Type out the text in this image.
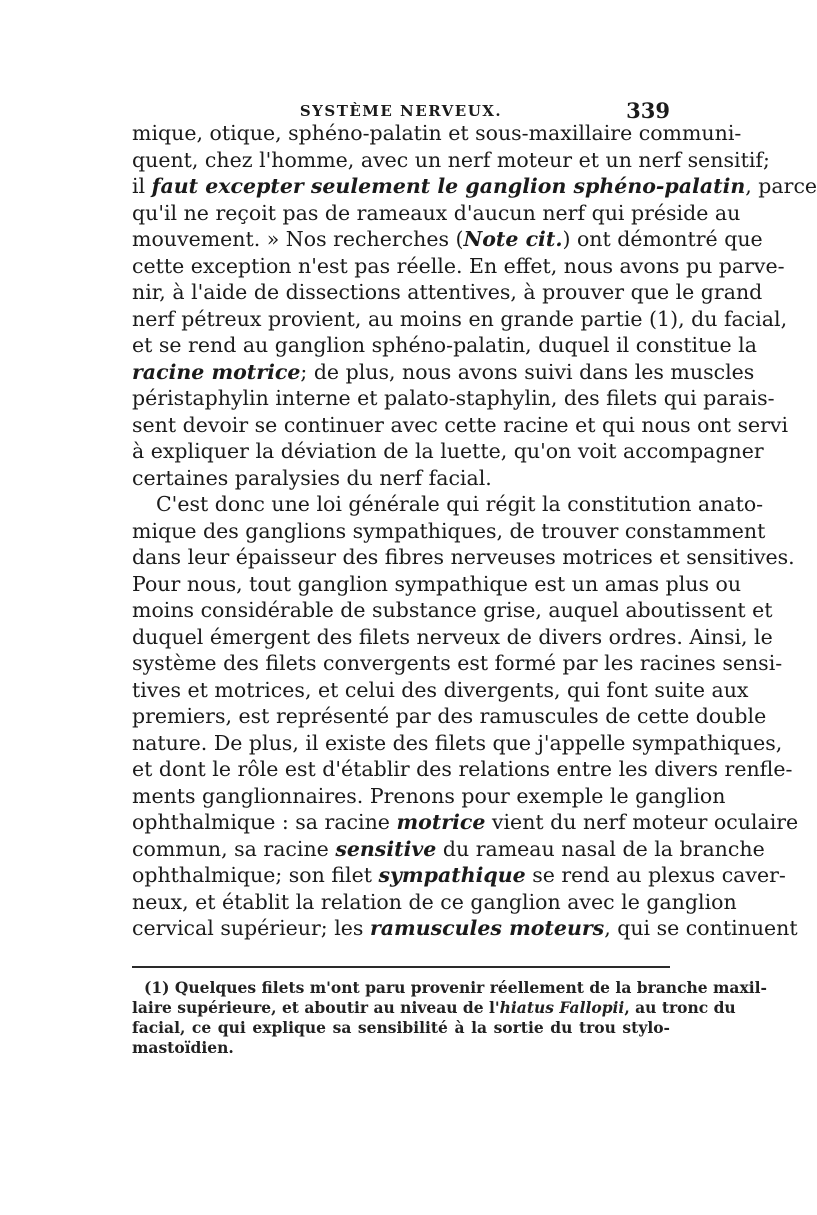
SYSTÈME NERVEUX.	339
mique, otique, sphéno-palatin et sous-maxillaire communi-
quent, chez l'homme, avec un nerf moteur et un nerf sensitif;
il faut excepter seulement le ganglion sphéno-palatin, parce
qu'il ne reçoit pas de rameaux d'aucun nerf qui préside au
mouvement. » Nos recherches (Note cit.) ont démontré que
cette exception n'est pas réelle. En effet, nous avons pu parve-
nir, à l'aide de dissections attentives, à prouver que le grand
nerf pétreux provient, au moins en grande partie (1), du facial,
et se rend au ganglion sphéno-palatin, duquel il constitue la
racine motrice; de plus, nous avons suivi dans les muscles
péristaphylin interne et palato-staphylin, des filets qui parais-
sent devoir se continuer avec cette racine et qui nous ont servi
à expliquer la déviation de la luette, qu'on voit accompagner
certaines paralysies du nerf facial.
C'est donc une loi générale qui régit la constitution anato-
mique des ganglions sympathiques, de trouver constamment
dans leur épaisseur des fibres nerveuses motrices et sensitives.
Pour nous, tout ganglion sympathique est un amas plus ou
moins considérable de substance grise, auquel aboutissent et
duquel émergent des filets nerveux de divers ordres. Ainsi, le
système des filets convergents est formé par les racines sensi-
tives et motrices, et celui des divergents, qui font suite aux
premiers, est représenté par des ramuscules de cette double
nature. De plus, il existe des filets que j'appelle sympathiques,
et dont le rôle est d'établir des relations entre les divers renfle-
ments ganglionnaires. Prenons pour exemple le ganglion
ophthalmique : sa racine motrice vient du nerf moteur oculaire
commun, sa racine sensitive du rameau nasal de la branche
ophthalmique; son filet sympathique se rend au plexus caver-
neux, et établit la relation de ce ganglion avec le ganglion
cervical supérieur; les ramuscules moteurs, qui se continuent
(1) Quelques filets m'ont paru provenir réellement de la branche maxil-
laire supérieure, et aboutir au niveau de l'hiatus Fallopii, au tronc du
facial, ce qui explique sa sensibilité à la sortie du trou stylo-
mastoïdien.
